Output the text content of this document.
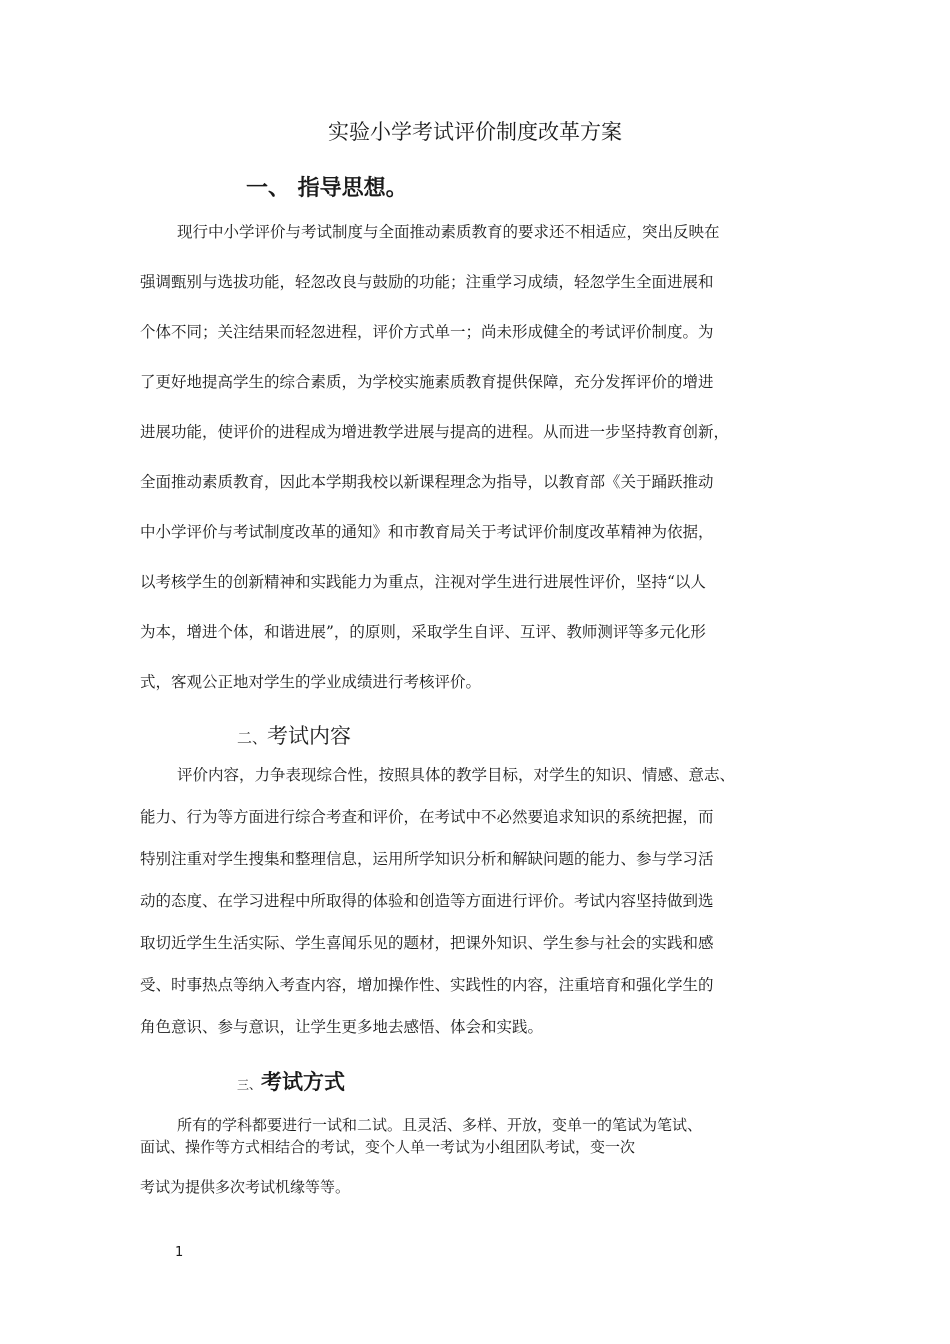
实验小学考试评价制度改革方案
一、 指导思想。
现行中小学评价与考试制度与全面推动素质教育的要求还不相适应，突出反映在
强调甄别与选拔功能，轻忽改良与鼓励的功能；注重学习成绩，轻忽学生全面进展和
个体不同；关注结果而轻忽进程，评价方式单一；尚未形成健全的考试评价制度。为
了更好地提高学生的综合素质，为学校实施素质教育提供保障，充分发挥评价的增进
进展功能，使评价的进程成为增进教学进展与提高的进程。从而进一步坚持教育创新，
全面推动素质教育，因此本学期我校以新课程理念为指导，以教育部《关于踊跃推动
中小学评价与考试制度改革的通知》和市教育局关于考试评价制度改革精神为依据，
以考核学生的创新精神和实践能力为重点，注视对学生进行进展性评价，坚持“以人
为本，增进个体，和谐进展”，的原则，采取学生自评、互评、教师测评等多元化形
式，客观公正地对学生的学业成绩进行考核评价。
二、考试内容
评价内容，力争表现综合性，按照具体的教学目标，对学生的知识、情感、意志、
能力、行为等方面进行综合考查和评价，在考试中不必然要追求知识的系统把握，而
特别注重对学生搜集和整理信息，运用所学知识分析和解缺问题的能力、参与学习活
动的态度、在学习进程中所取得的体验和创造等方面进行评价。考试内容坚持做到选
取切近学生生活实际、学生喜闻乐见的题材，把课外知识、学生参与社会的实践和感
受、时事热点等纳入考查内容，增加操作性、实践性的内容，注重培育和强化学生的
角色意识、参与意识，让学生更多地去感悟、体会和实践。
三、考试方式
所有的学科都要进行一试和二试。且灵活、多样、开放，变单一的笔试为笔试、
面试、操作等方式相结合的考试，变个人单一考试为小组团队考试，变一次
考试为提供多次考试机缘等等。
1
